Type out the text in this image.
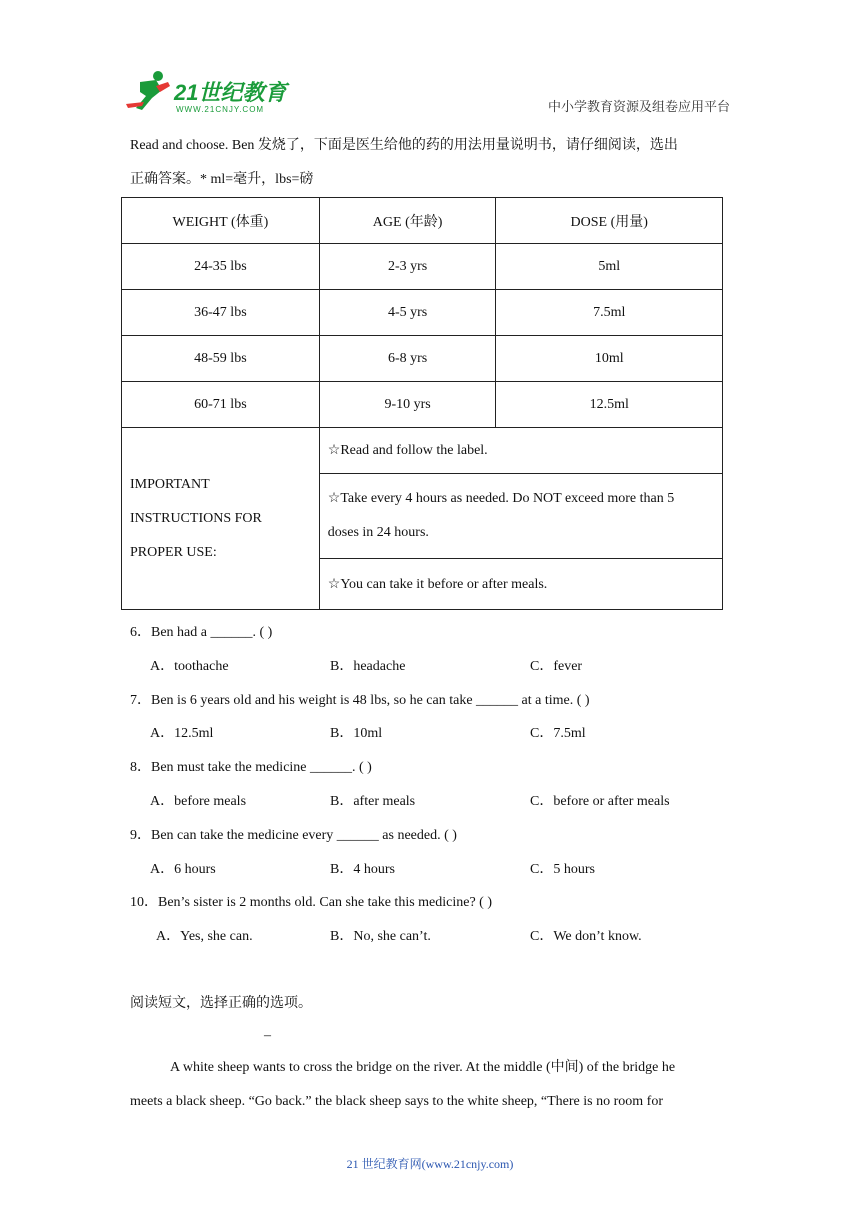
21世纪教育
WWW.21CNJY.COM	中小学教育资源及组卷应用平台
Read and choose. Ben 发烧了，下面是医生给他的药的用法用量说明书，请仔细阅读，选出
正确答案。* ml=毫升，lbs=磅
WEIGHT (体重)	AGE (年龄)	DOSE (用量)
24-35 lbs	2-3 yrs	5ml
36-47 lbs	4-5 yrs	7.5ml
48-59 lbs	6-8 yrs	10ml
60-71 lbs	9-10 yrs	12.5ml

IMPORTANT
INSTRUCTIONS FOR
PROPER USE:	☆Read and follow the label.	

	☆Take every 4 hours as needed. Do NOT exceed more than 5
doses in 24 hours.	

	☆You can take it before or after meals.	
6．Ben had a ______. ( )
A．toothache	B．headache	C．fever
7．Ben is 6 years old and his weight is 48 lbs, so he can take ______ at a time. ( )
A．12.5ml	B．10ml	C．7.5ml
8．Ben must take the medicine ______. ( )
A．before meals	B．after meals	C．before or after meals
9．Ben can take the medicine every ______ as needed. ( )
A．6 hours	B．4 hours	C．5 hours
10．Ben’s sister is 2 months old. Can she take this medicine? ( )
A．Yes, she can.	B．No, she can’t.	C．We don’t know.
阅读短文，选择正确的选项。
–
A white sheep wants to cross the bridge on the river. At the middle (中间) of the bridge he
meets a black sheep. “Go back.” the black sheep says to the white sheep, “There is no room for
21 世纪教育网(www.21cnjy.com)
